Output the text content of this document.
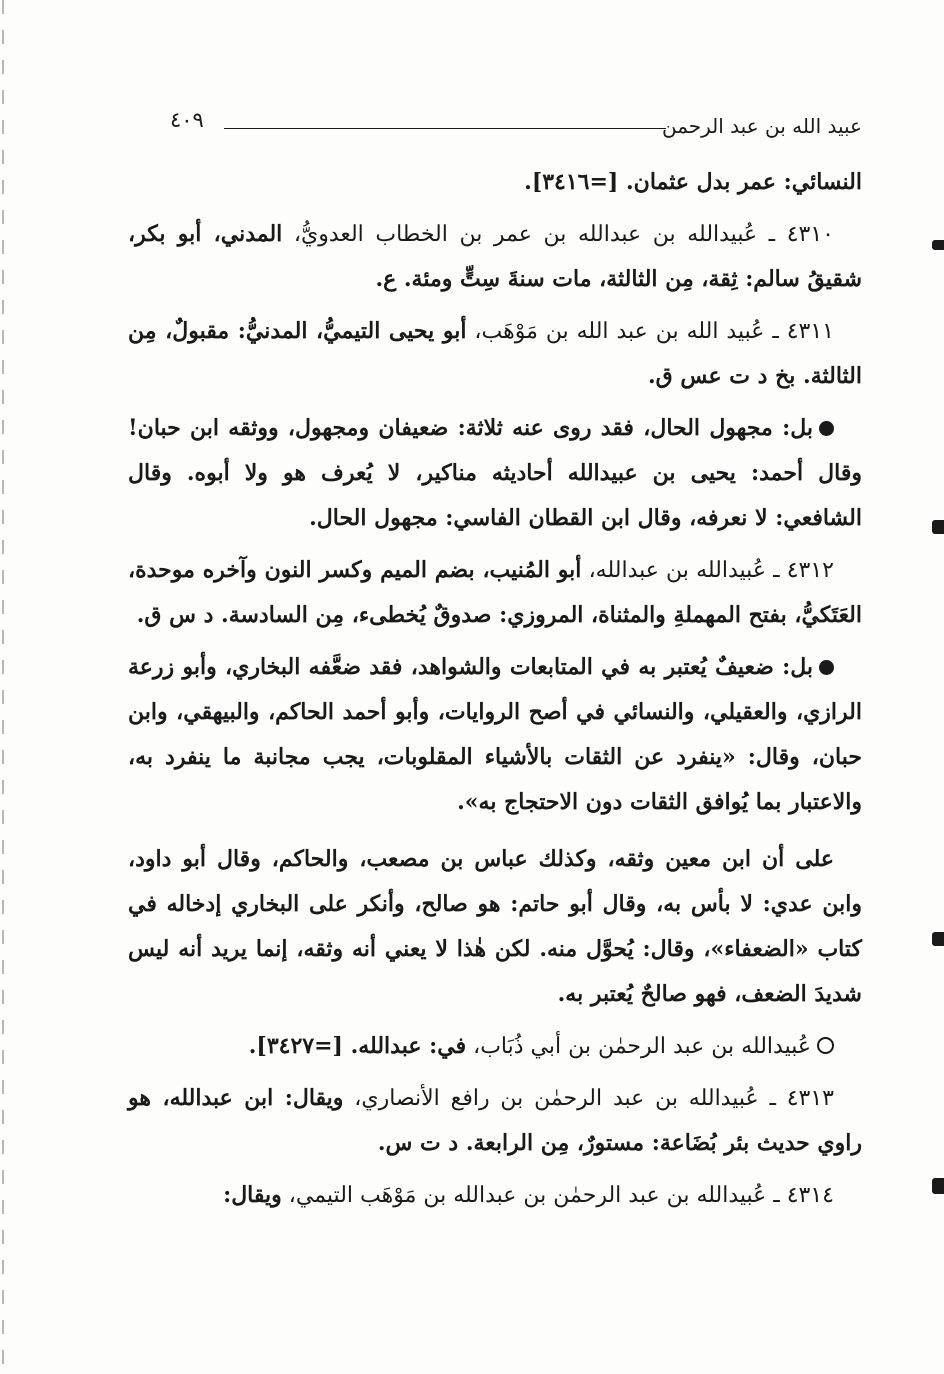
عبيد الله بن عبد الرحمن
٤٠٩

النسائي: عمر بدل عثمان. [=٣٤١٦].

٤٣١٠ ـ عُبيدالله بن عبدالله بن عمر بن الخطاب العدويُّ، المدني، أبو بكر، شقيقُ سالم: ثِقة، مِن الثالثة، مات سنةَ سِتٍّ ومئة. ع.

٤٣١١ ـ عُبيد الله بن عبد الله بن مَوْهَب، أبو يحيى التيميُّ، المدنيُّ: مقبولٌ، مِن الثالثة. بخ د ت عس ق.

بل: مجهول الحال، فقد روى عنه ثلاثة: ضعيفان ومجهول، ووثقه ابن حبان! وقال أحمد: يحيى بن عبيدالله أحاديثه مناكير، لا يُعرف هو ولا أبوه. وقال الشافعي: لا نعرفه، وقال ابن القطان الفاسي: مجهول الحال.

٤٣١٢ ـ عُبيدالله بن عبدالله، أبو المُنيب، بضم الميم وكسر النون وآخره موحدة، العَتَكيُّ، بفتح المهملةِ والمثناة، المروزي: صدوقٌ يُخطىء، مِن السادسة. د س ق.

بل: ضعيفٌ يُعتبر به في المتابعات والشواهد، فقد ضعَّفه البخاري، وأبو زرعة الرازي، والعقيلي، والنسائي في أصح الروايات، وأبو أحمد الحاكم، والبيهقي، وابن حبان، وقال: «ينفرد عن الثقات بالأشياء المقلوبات، يجب مجانبة ما ينفرد به، والاعتبار بما يُوافق الثقات دون الاحتجاج به».

على أن ابن معين وثقه، وكذلك عباس بن مصعب، والحاكم، وقال أبو داود، وابن عدي: لا بأس به، وقال أبو حاتم: هو صالح، وأنكر على البخاري إدخاله في كتاب «الضعفاء»، وقال: يُحوَّل منه. لكن هٰذا لا يعني أنه وثقه، إنما يريد أنه ليس شديدَ الضعف، فهو صالحٌ يُعتبر به.

عُبيدالله بن عبد الرحمٰن بن أبي ذُبَاب، في: عبدالله. [=٣٤٢٧].

٤٣١٣ ـ عُبيدالله بن عبد الرحمٰن بن رافع الأنصاري، ويقال: ابن عبدالله، هو راوي حديث بئر بُضَاعة: مستورٌ، مِن الرابعة. د ت س.

٤٣١٤ ـ عُبيدالله بن عبد الرحمٰن بن عبدالله بن مَوْهَب التيمي، ويقال:
